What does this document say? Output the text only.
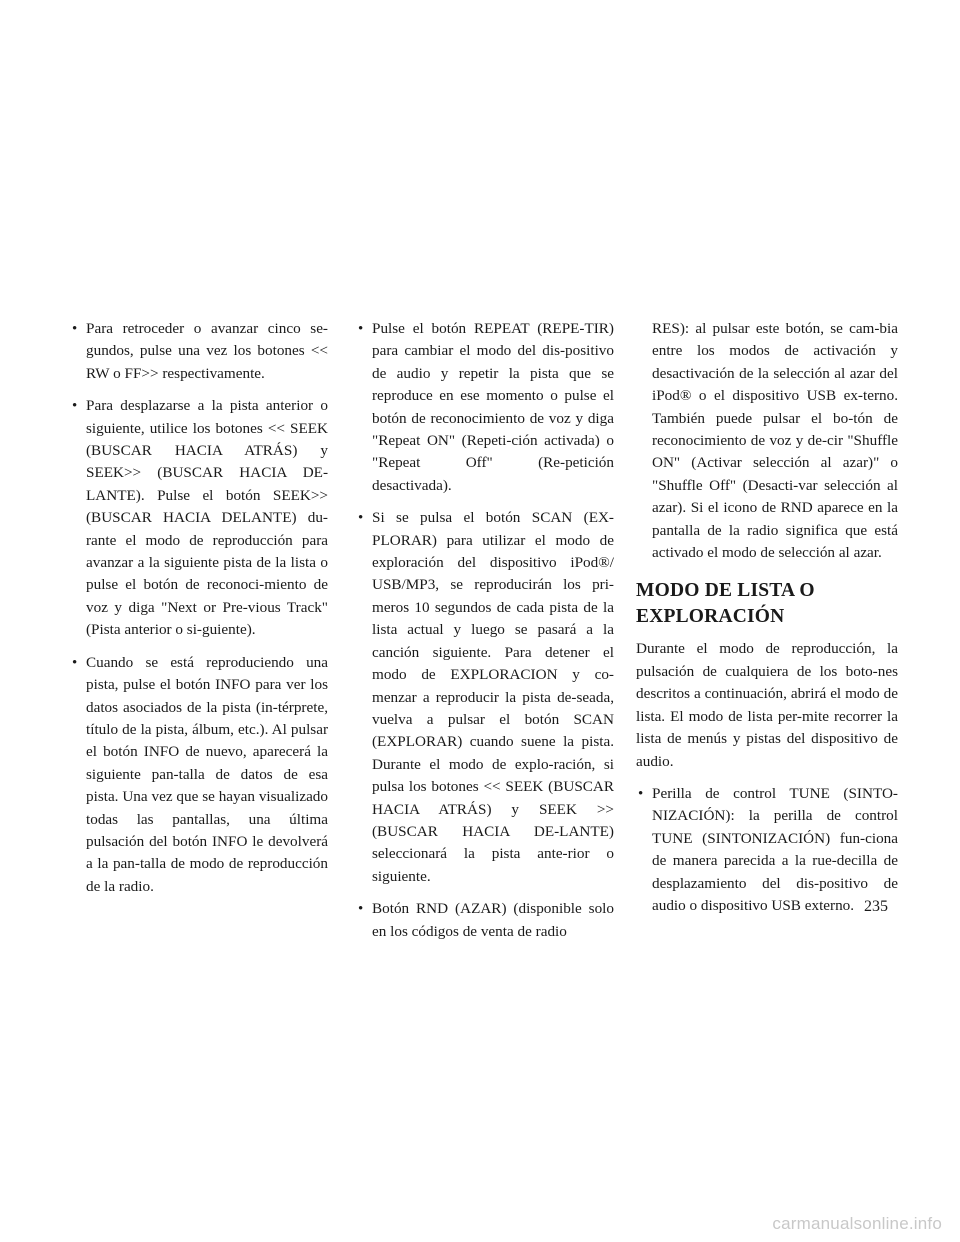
• Para retroceder o avanzar cinco se-gundos, pulse una vez los botones << RW o FF>> respectivamente.
• Para desplazarse a la pista anterior o siguiente, utilice los botones << SEEK (BUSCAR HACIA ATRÁS) y SEEK>> (BUSCAR HACIA DE-LANTE). Pulse el botón SEEK>> (BUSCAR HACIA DELANTE) du-rante el modo de reproducción para avanzar a la siguiente pista de la lista o pulse el botón de reconoci-miento de voz y diga "Next or Pre-vious Track" (Pista anterior o si-guiente).
• Cuando se está reproduciendo una pista, pulse el botón INFO para ver los datos asociados de la pista (in-térprete, título de la pista, álbum, etc.). Al pulsar el botón INFO de nuevo, aparecerá la siguiente pan-talla de datos de esa pista. Una vez que se hayan visualizado todas las pantallas, una última pulsación del botón INFO le devolverá a la pan-talla de modo de reproducción de la radio.
• Pulse el botón REPEAT (REPE-TIR) para cambiar el modo del dis-positivo de audio y repetir la pista que se reproduce en ese momento o pulse el botón de reconocimiento de voz y diga "Repeat ON" (Repeti-ción activada) o "Repeat Off" (Re-petición desactivada).
• Si se pulsa el botón SCAN (EX-PLORAR) para utilizar el modo de exploración del dispositivo iPod®/ USB/MP3, se reproducirán los pri-meros 10 segundos de cada pista de la lista actual y luego se pasará a la canción siguiente. Para detener el modo de EXPLORACION y co-menzar a reproducir la pista de-seada, vuelva a pulsar el botón SCAN (EXPLORAR) cuando suene la pista. Durante el modo de explo-ración, si pulsa los botones << SEEK (BUSCAR HACIA ATRÁS) y SEEK >> (BUSCAR HACIA DE-LANTE) seleccionará la pista ante-rior o siguiente.
• Botón RND (AZAR) (disponible solo en los códigos de venta de radio
RES): al pulsar este botón, se cam-bia entre los modos de activación y desactivación de la selección al azar del iPod® o el dispositivo USB ex-terno. También puede pulsar el bo-tón de reconocimiento de voz y de-cir "Shuffle ON" (Activar selección al azar)" o "Shuffle Off" (Desacti-var selección al azar). Si el icono de RND aparece en la pantalla de la radio significa que está activado el modo de selección al azar.
MODO DE LISTA O EXPLORACIÓN
Durante el modo de reproducción, la pulsación de cualquiera de los boto-nes descritos a continuación, abrirá el modo de lista. El modo de lista per-mite recorrer la lista de menús y pistas del dispositivo de audio.
• Perilla de control TUNE (SINTO-NIZACIÓN): la perilla de control TUNE (SINTONIZACIÓN) fun-ciona de manera parecida a la rue-decilla de desplazamiento del dis-positivo de audio o dispositivo USB externo. 235
carmanualsonline.info
